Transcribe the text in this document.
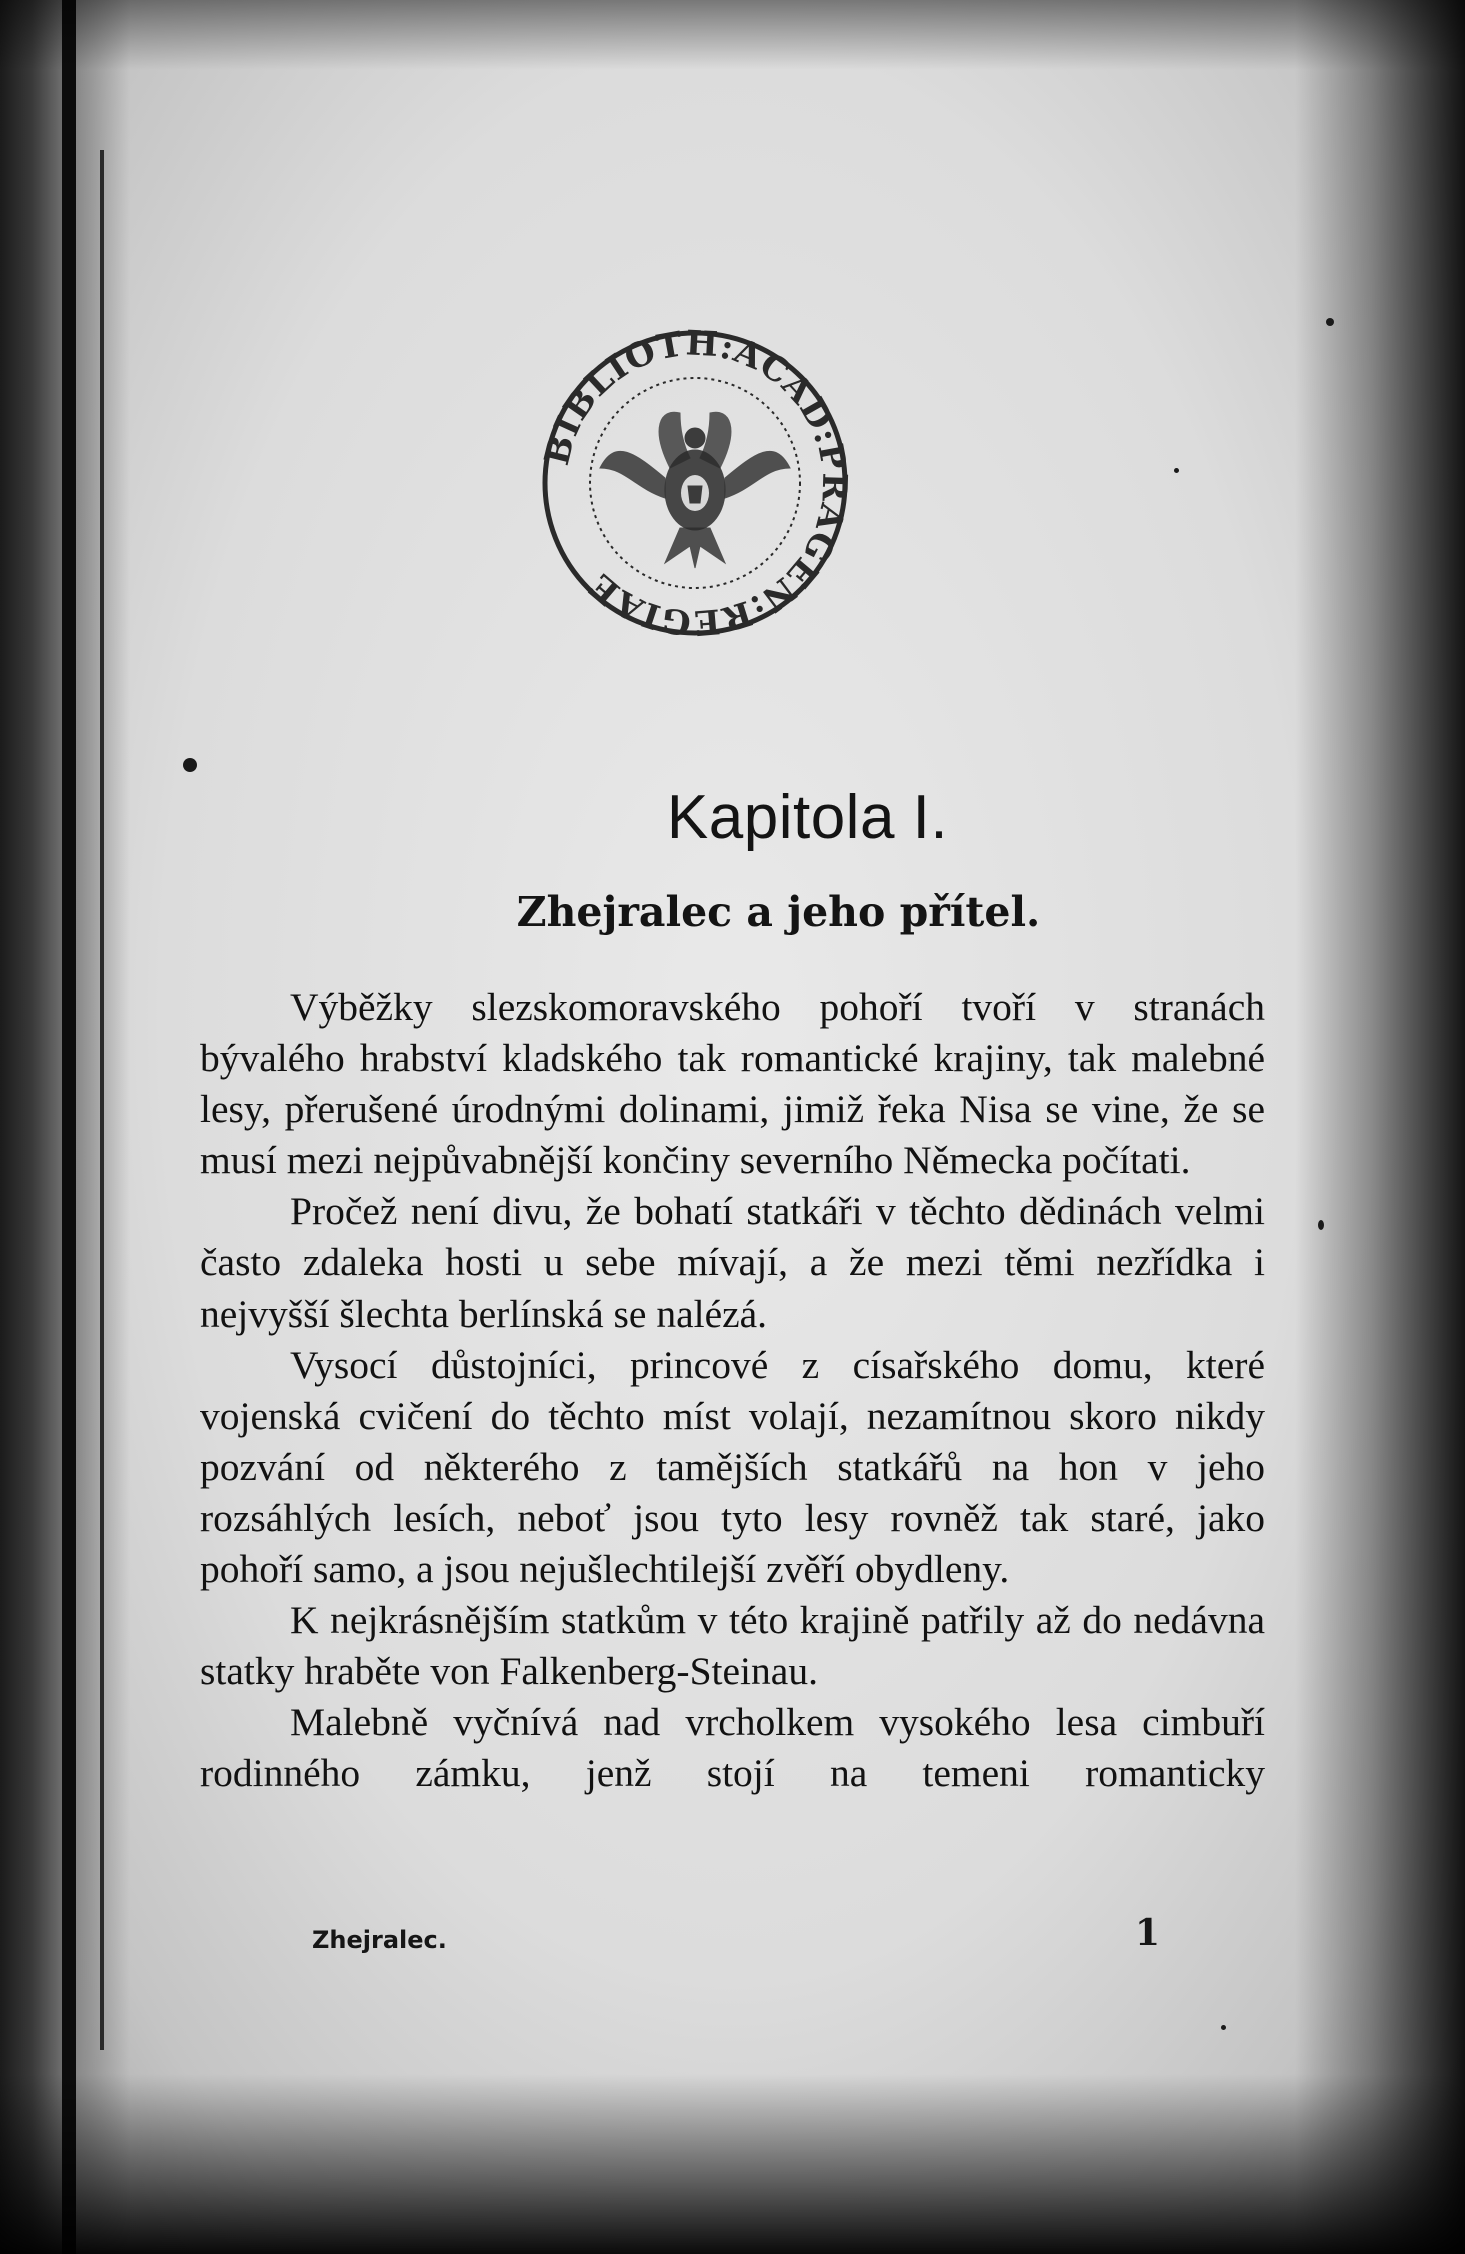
BIBLIOTH:ACAD:PRAGEN:REGIAE
Kapitola I.
Zhejralec a jeho přítel.

Výběžky slezskomoravského pohoří tvoří v stranách bývalého hrabství kladského tak romantické krajiny, tak malebné lesy, přerušené úrodnými dolinami, jimiž řeka Nisa se vine, že se musí mezi nejpůvabnější končiny severního Německa počítati.

Pročež není divu, že bohatí statkáři v těchto dědinách velmi často zdaleka hosti u sebe mívají, a že mezi těmi nezřídka i nejvyšší šlechta berlínská se nalézá.

Vysocí důstojníci, princové z císařského domu, které vojenská cvičení do těchto míst volají, nezamítnou skoro nikdy pozvání od některého z tamějších statkářů na hon v jeho rozsáhlých lesích, neboť jsou tyto lesy rovněž tak staré, jako pohoří samo, a jsou nejušlechtilejší zvěří obydleny.

K nejkrásnějším statkům v této krajině patřily až do nedávna statky hraběte von Falkenberg-Steinau.

Malebně vyčnívá nad vrcholkem vysokého lesa cimbuří rodinného zámku, jenž stojí na temeni romanticky

Zhejralec.	1
